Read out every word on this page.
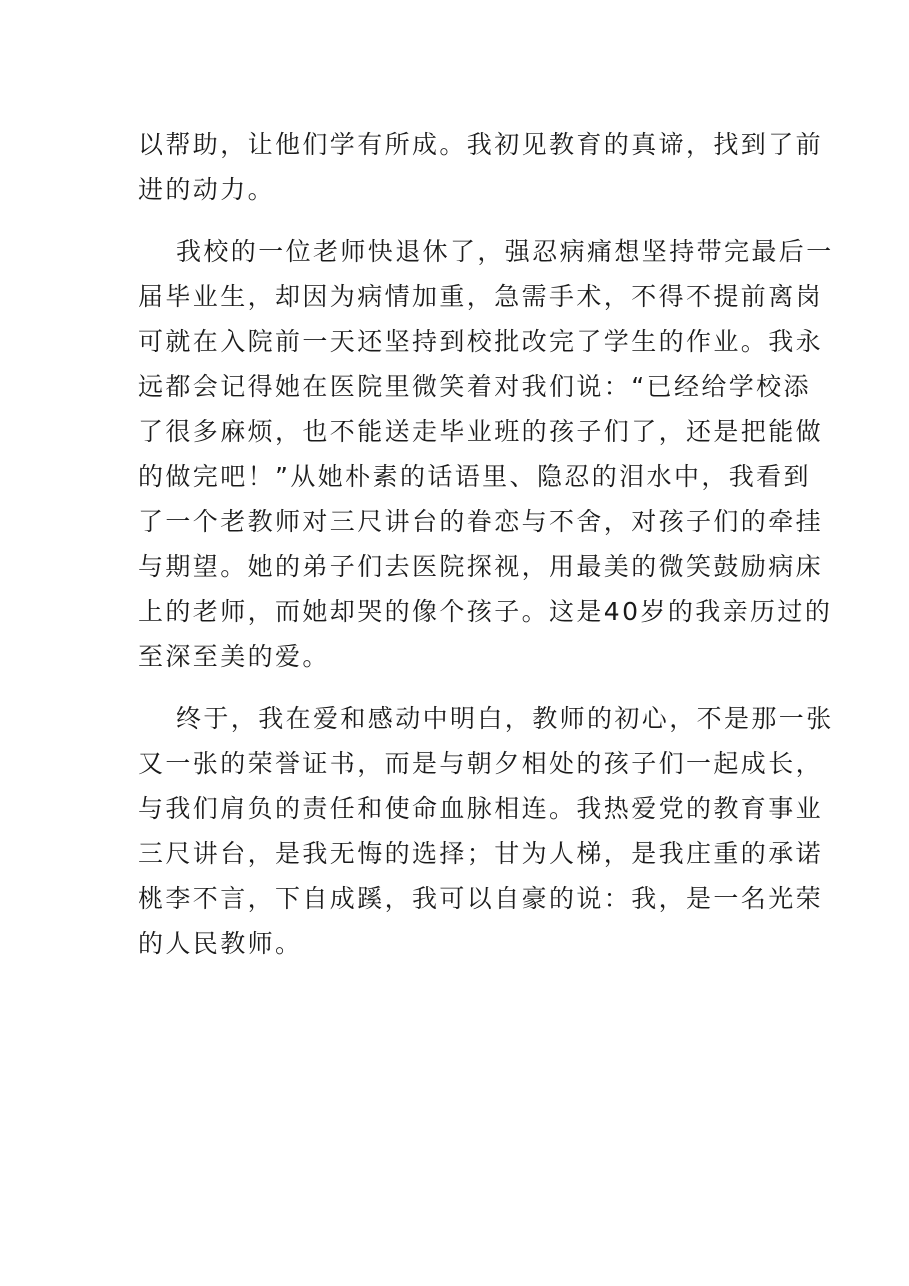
以帮助，让他们学有所成。我初见教育的真谛，找到了前
进的动力。
我校的一位老师快退休了，强忍病痛想坚持带完最后一
届毕业生，却因为病情加重，急需手术，不得不提前离岗
可就在入院前一天还坚持到校批改完了学生的作业。我永
远都会记得她在医院里微笑着对我们说：“已经给学校添
了很多麻烦，也不能送走毕业班的孩子们了，还是把能做
的做完吧！”从她朴素的话语里、隐忍的泪水中，我看到
了一个老教师对三尺讲台的眷恋与不舍，对孩子们的牵挂
与期望。她的弟子们去医院探视，用最美的微笑鼓励病床
上的老师，而她却哭的像个孩子。这是40岁的我亲历过的
至深至美的爱。
终于，我在爱和感动中明白，教师的初心，不是那一张
又一张的荣誉证书，而是与朝夕相处的孩子们一起成长，
与我们肩负的责任和使命血脉相连。我热爱党的教育事业
三尺讲台，是我无悔的选择；甘为人梯，是我庄重的承诺
桃李不言，下自成蹊，我可以自豪的说：我，是一名光荣
的人民教师。
